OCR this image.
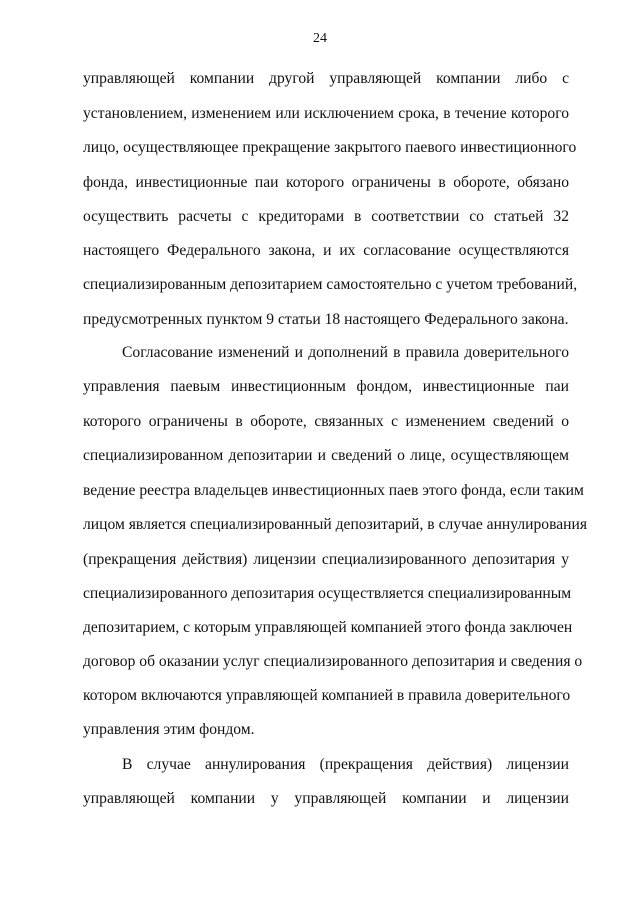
24
управляющей компании другой управляющей компании либо с
установлением, изменением или исключением срока, в течение которого
лицо, осуществляющее прекращение закрытого паевого инвестиционного
фонда, инвестиционные паи которого ограничены в обороте, обязано
осуществить расчеты с кредиторами в соответствии со статьей 32
настоящего Федерального закона, и их согласование осуществляются
специализированным депозитарием самостоятельно с учетом требований,
предусмотренных пунктом 9 статьи 18 настоящего Федерального закона.
Согласование изменений и дополнений в правила доверительного
управления паевым инвестиционным фондом, инвестиционные паи
которого ограничены в обороте, связанных с изменением сведений о
специализированном депозитарии и сведений о лице, осуществляющем
ведение реестра владельцев инвестиционных паев этого фонда, если таким
лицом является специализированный депозитарий, в случае аннулирования
(прекращения действия) лицензии специализированного депозитария у
специализированного депозитария осуществляется специализированным
депозитарием, с которым управляющей компанией этого фонда заключен
договор об оказании услуг специализированного депозитария и сведения о
котором включаются управляющей компанией в правила доверительного
управления этим фондом.
В случае аннулирования (прекращения действия) лицензии
управляющей компании у управляющей компании и лицензии
